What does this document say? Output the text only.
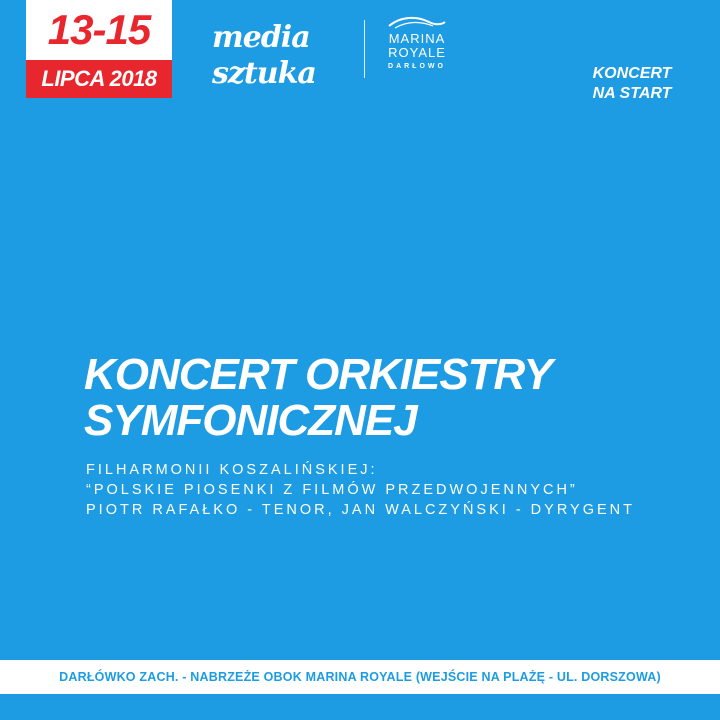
13-15
LIPCA 2018
media
sztuka
MARINA
ROYALE
DARŁOWO	KONCERT
NA START
KONCERT ORKIESTRY
SYMFONICZNEJ
FILHARMONII KOSZALIŃSKIEJ:
“POLSKIE PIOSENKI Z FILMÓW PRZEDWOJENNYCH”
PIOTR RAFAŁKO - TENOR, JAN WALCZYŃSKI - DYRYGENT
DARŁÓWKO ZACH. - NABRZEŻE OBOK MARINA ROYALE (WEJŚCIE NA PLAŻĘ - UL. DORSZOWA)
